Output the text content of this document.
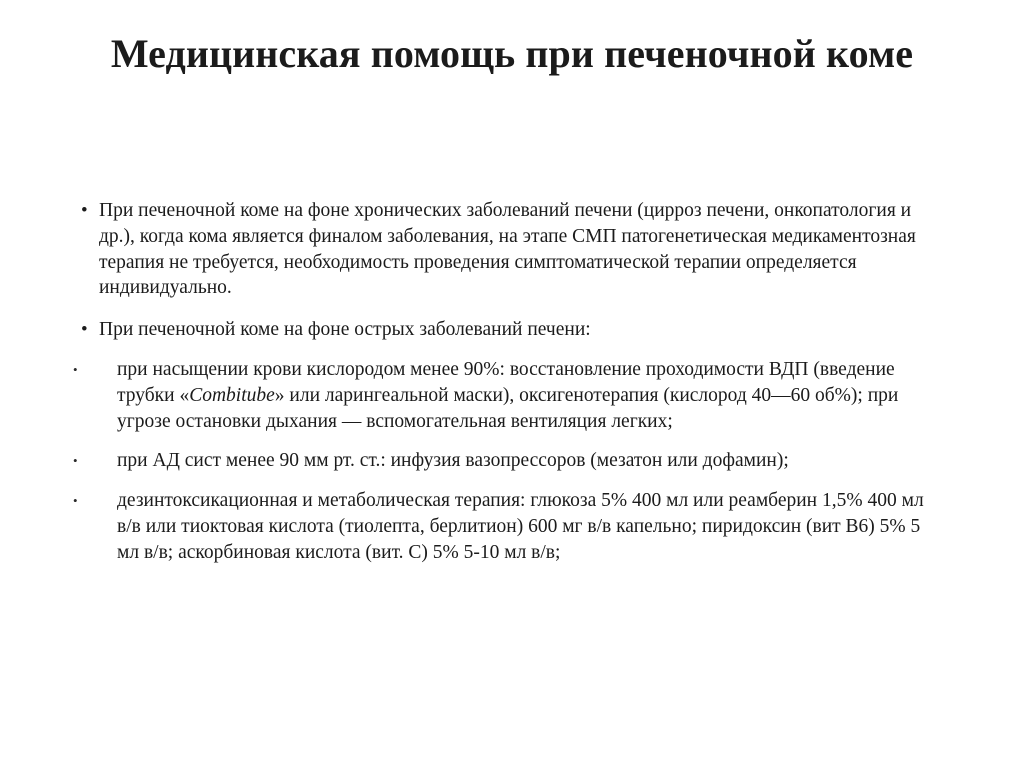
Медицинская помощь при печеночной коме
• При печеночной коме на фоне хронических заболеваний печени (цирроз печени, онкопатология и др.), когда кома является финалом заболевания, на этапе СМП патогенетическая медикаментозная терапия не требуется, необходимость проведения симптоматической терапии определяется индивидуально.
• При печеночной коме на фоне острых заболеваний печени:
•	при насыщении крови кислородом менее 90%: восстановление проходимости ВДП (введение трубки «Combitube» или ларингеальной маски), оксигенотерапия (кислород 40—60 об%); при угрозе остановки дыхания — вспомогательная вентиляция легких;
•	при АД сист менее 90 мм рт. ст.: инфузия вазопрессоров (мезатон или дофамин);
•	дезинтоксикационная и метаболическая терапия: глюкоза 5% 400 мл или реамберин 1,5% 400 мл в/в или тиоктовая кислота (тиолепта, берлитион) 600 мг в/в капельно; пиридоксин (вит В6) 5% 5 мл в/в; аскорбиновая кислота (вит. С) 5% 5-10 мл в/в;
